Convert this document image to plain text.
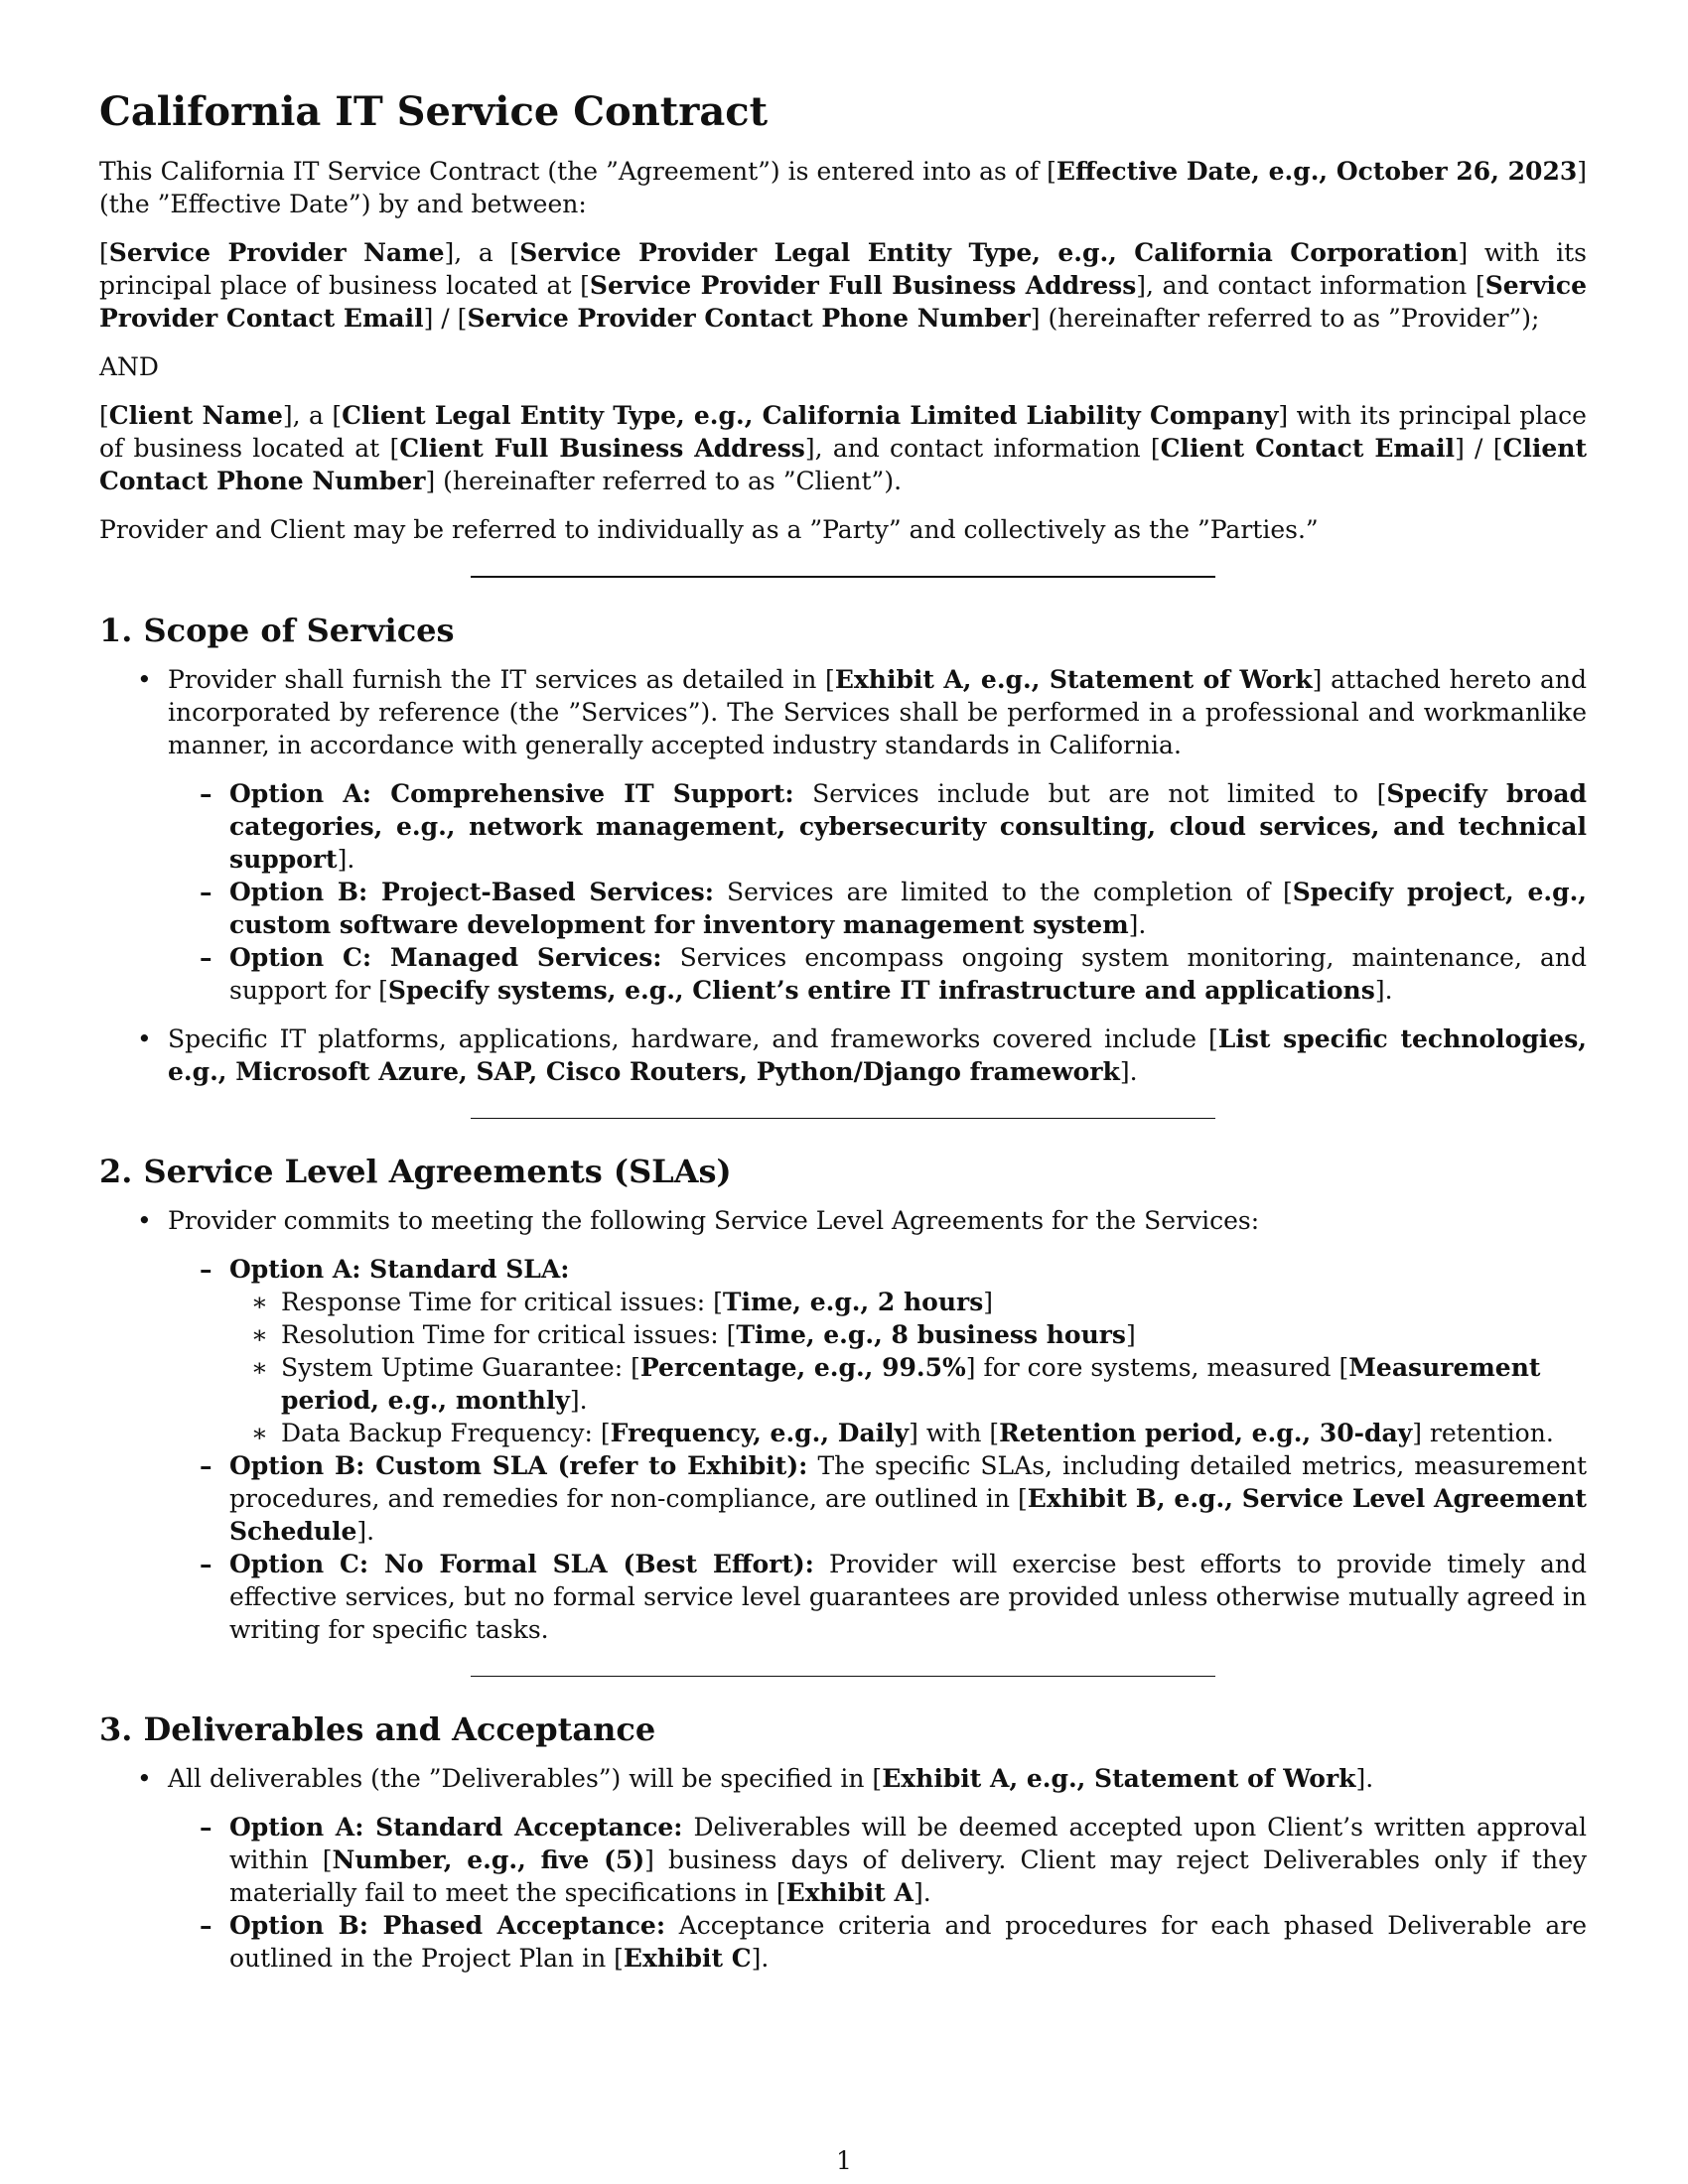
California IT Service Contract

This California IT Service Contract (the ”Agreement”) is entered into as of [Effective Date, e.g., October 26, 2023] (the ”Effective Date”) by and between:

[Service Provider Name], a [Service Provider Legal Entity Type, e.g., California Corporation] with its principal place of business located at [Service Provider Full Business Address], and contact information [Service Provider Contact Email] / [Service Provider Contact Phone Number] (hereinafter referred to as ”Provider”);

AND

[Client Name], a [Client Legal Entity Type, e.g., California Limited Liability Company] with its principal place of business located at [Client Full Business Address], and contact information [Client Contact Email] / [Client Contact Phone Number] (hereinafter referred to as ”Client”).

Provider and Client may be referred to individually as a ”Party” and collectively as the ”Parties.”

1. Scope of Services
• Provider shall furnish the IT services as detailed in [Exhibit A, e.g., Statement of Work] attached hereto and incorporated by reference (the ”Services”). The Services shall be performed in a professional and workmanlike manner, in accordance with generally accepted industry standards in California.
– Option A: Comprehensive IT Support: Services include but are not limited to [Specify broad categories, e.g., network management, cybersecurity consulting, cloud services, and technical support].
– Option B: Project-Based Services: Services are limited to the completion of [Specify project, e.g., custom software development for inventory management system].
– Option C: Managed Services: Services encompass ongoing system monitoring, maintenance, and support for [Specify systems, e.g., Client’s entire IT infrastructure and applications].
• Specific IT platforms, applications, hardware, and frameworks covered include [List specific technologies, e.g., Microsoft Azure, SAP, Cisco Routers, Python/Django framework].
2. Service Level Agreements (SLAs)
• Provider commits to meeting the following Service Level Agreements for the Services:
– Option A: Standard SLA:
∗ Response Time for critical issues: [Time, e.g., 2 hours]
∗ Resolution Time for critical issues: [Time, e.g., 8 business hours]
∗ System Uptime Guarantee: [Percentage, e.g., 99.5%] for core systems, measured [Measurement period, e.g., monthly].
∗ Data Backup Frequency: [Frequency, e.g., Daily] with [Retention period, e.g., 30-day] retention.
– Option B: Custom SLA (refer to Exhibit): The specific SLAs, including detailed metrics, measurement procedures, and remedies for non-compliance, are outlined in [Exhibit B, e.g., Service Level Agreement Schedule].
– Option C: No Formal SLA (Best Effort): Provider will exercise best efforts to provide timely and effective services, but no formal service level guarantees are provided unless otherwise mutually agreed in writing for specific tasks.
3. Deliverables and Acceptance
• All deliverables (the ”Deliverables”) will be specified in [Exhibit A, e.g., Statement of Work].
– Option A: Standard Acceptance: Deliverables will be deemed accepted upon Client’s written approval within [Number, e.g., five (5)] business days of delivery. Client may reject Deliverables only if they materially fail to meet the specifications in [Exhibit A].
– Option B: Phased Acceptance: Acceptance criteria and procedures for each phased Deliverable are outlined in the Project Plan in [Exhibit C].
1
